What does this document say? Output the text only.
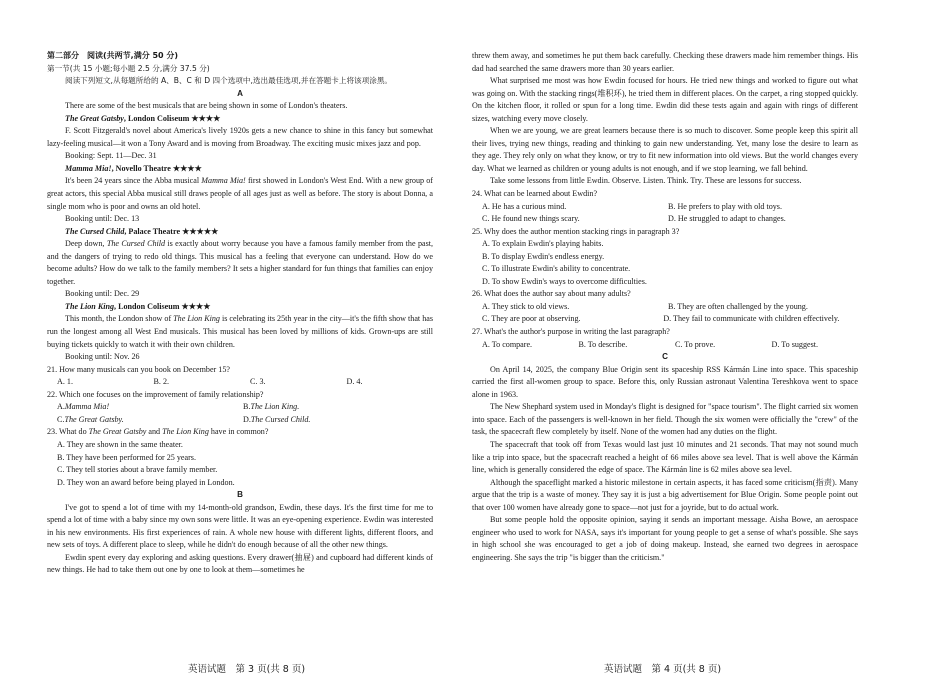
第二部分　阅读(共两节,满分 50 分)

第一节(共 15 小题;每小题 2.5 分,满分 37.5 分)

阅读下列短文,从每题所给的 A、B、C 和 D 四个选项中,选出最佳选项,并在答题卡上将该项涂黑。

A

There are some of the best musicals that are being shown in some of London's theaters.

The Great Gatsby, London Coliseum ★★★★

F. Scott Fitzgerald's novel about America's lively 1920s gets a new chance to shine in this fancy but somewhat lazy-feeling musical—it won a Tony Award and is moving from Broadway. The exciting music mixes jazz and pop.

Booking: Sept. 11—Dec. 31

Mamma Mia!, Novello Theatre ★★★★

It's been 24 years since the Abba musical Mamma Mia! first showed in London's West End. With a new group of great actors, this special Abba musical still draws people of all ages just as well as before. The story is about Donna, a single mom who is poor and owns an old hotel.

Booking until: Dec. 13

The Cursed Child, Palace Theatre ★★★★★

Deep down, The Cursed Child is exactly about worry because you have a famous family member from the past, and the dangers of trying to redo old things. This musical has a feeling that everyone can understand. How do we become adults? How do we talk to the family members? It sets a higher standard for fun things that families can enjoy together.

Booking until: Dec. 29

The Lion King, London Coliseum ★★★★

This month, the London show of The Lion King is celebrating its 25th year in the city—it's the fifth show that has run the longest among all West End musicals. This musical has been loved by millions of kids. Grown-ups are still buying tickets quickly to watch it with their own children.

Booking until: Nov. 26

21. How many musicals can you book on December 15?

A. 1.	B. 2.	C. 3.	D. 4.

22. Which one focuses on the improvement of family relationship?

A.Mamma Mia!	B.The Lion King.
C.The Great Gatsby.	D.The Cursed Child.

23. What do The Great Gatsby and The Lion King have in common?

A. They are shown in the same theater.

B. They have been performed for 25 years.

C. They tell stories about a brave family member.

D. They won an award before being played in London.

B

I've got to spend a lot of time with my 14-month-old grandson, Ewdin, these days. It's the first time for me to spend a lot of time with a baby since my own sons were little. It was an eye-opening experience. Ewdin was interested in his new environments. His first experiences of rain. A whole new house with different lights, different floors, and new sets of toys. A different place to sleep, while he didn't do enough because of all the other new things.

Ewdin spent every day exploring and asking questions. Every drawer(抽屉) and cupboard had different kinds of new things. He had to take them out one by one to look at them—sometimes he

threw them away, and sometimes he put them back carefully. Checking these drawers made him remember things. His dad had searched the same drawers more than 30 years earlier.

What surprised me most was how Ewdin focused for hours. He tried new things and worked to figure out what was going on. With the stacking rings(堆积环), he tried them in different places. On the carpet, a ring stopped quickly. On the kitchen floor, it rolled or spun for a long time. Ewdin did these tests again and again with rings of different sizes, watching every move closely.

When we are young, we are great learners because there is so much to discover. Some people keep this spirit all their lives, trying new things, reading and thinking to gain new understanding. Yet, many lose the desire to learn as they age. They rely only on what they know, or try to fit new information into old views. But the world changes every day. What we learned as children or young adults is not enough, and if we stop learning, we fall behind.

Take some lessons from little Ewdin. Observe. Listen. Think. Try. These are lessons for success.

24. What can be learned about Ewdin?

A. He has a curious mind.	B. He prefers to play with old toys.
C. He found new things scary.	D. He struggled to adapt to changes.

25. Why does the author mention stacking rings in paragraph 3?

A. To explain Ewdin's playing habits.

B. To display Ewdin's endless energy.

C. To illustrate Ewdin's ability to concentrate.

D. To show Ewdin's ways to overcome difficulties.

26. What does the author say about many adults?

A. They stick to old views.	B. They are often challenged by the young.
C. They are poor at observing.	D. They fail to communicate with children effectively.

27. What's the author's purpose in writing the last paragraph?

A. To compare.	B. To describe.	C. To prove.	D. To suggest.

C

On April 14, 2025, the company Blue Origin sent its spaceship RSS Kármán Line into space. This spaceship carried the first all-women group to space. Before this, only Russian astronaut Valentina Tereshkova went to space alone in 1963.

The New Shephard system used in Monday's flight is designed for "space tourism". The flight carried six women into space. Each of the passengers is well-known in her field. Though the six women were officially the "crew" of the task, the spacecraft flew completely by itself. None of the women had any duties on the flight.

The spacecraft that took off from Texas would last just 10 minutes and 21 seconds. That may not sound much like a trip into space, but the spacecraft reached a height of 66 miles above sea level. That is well above the Kármán line, which is generally considered the edge of space. The Kármán line is 62 miles above sea level.

Although the spaceflight marked a historic milestone in certain aspects, it has faced some criticism(指责). Many argue that the trip is a waste of money. They say it is just a big advertisement for Blue Origin. Some people point out that over 100 women have already gone to space—not just for a joyride, but to do actual work.

But some people hold the opposite opinion, saying it sends an important message. Aisha Bowe, an aerospace engineer who used to work for NASA, says it's important for young people to get a sense of what's possible. She says in high school she was encouraged to get a job of doing makeup. Instead, she earned two degrees in aerospace engineering. She says the trip "is bigger than the criticism."

英语试题　第 3 页(共 8 页)	英语试题　第 4 页(共 8 页)
